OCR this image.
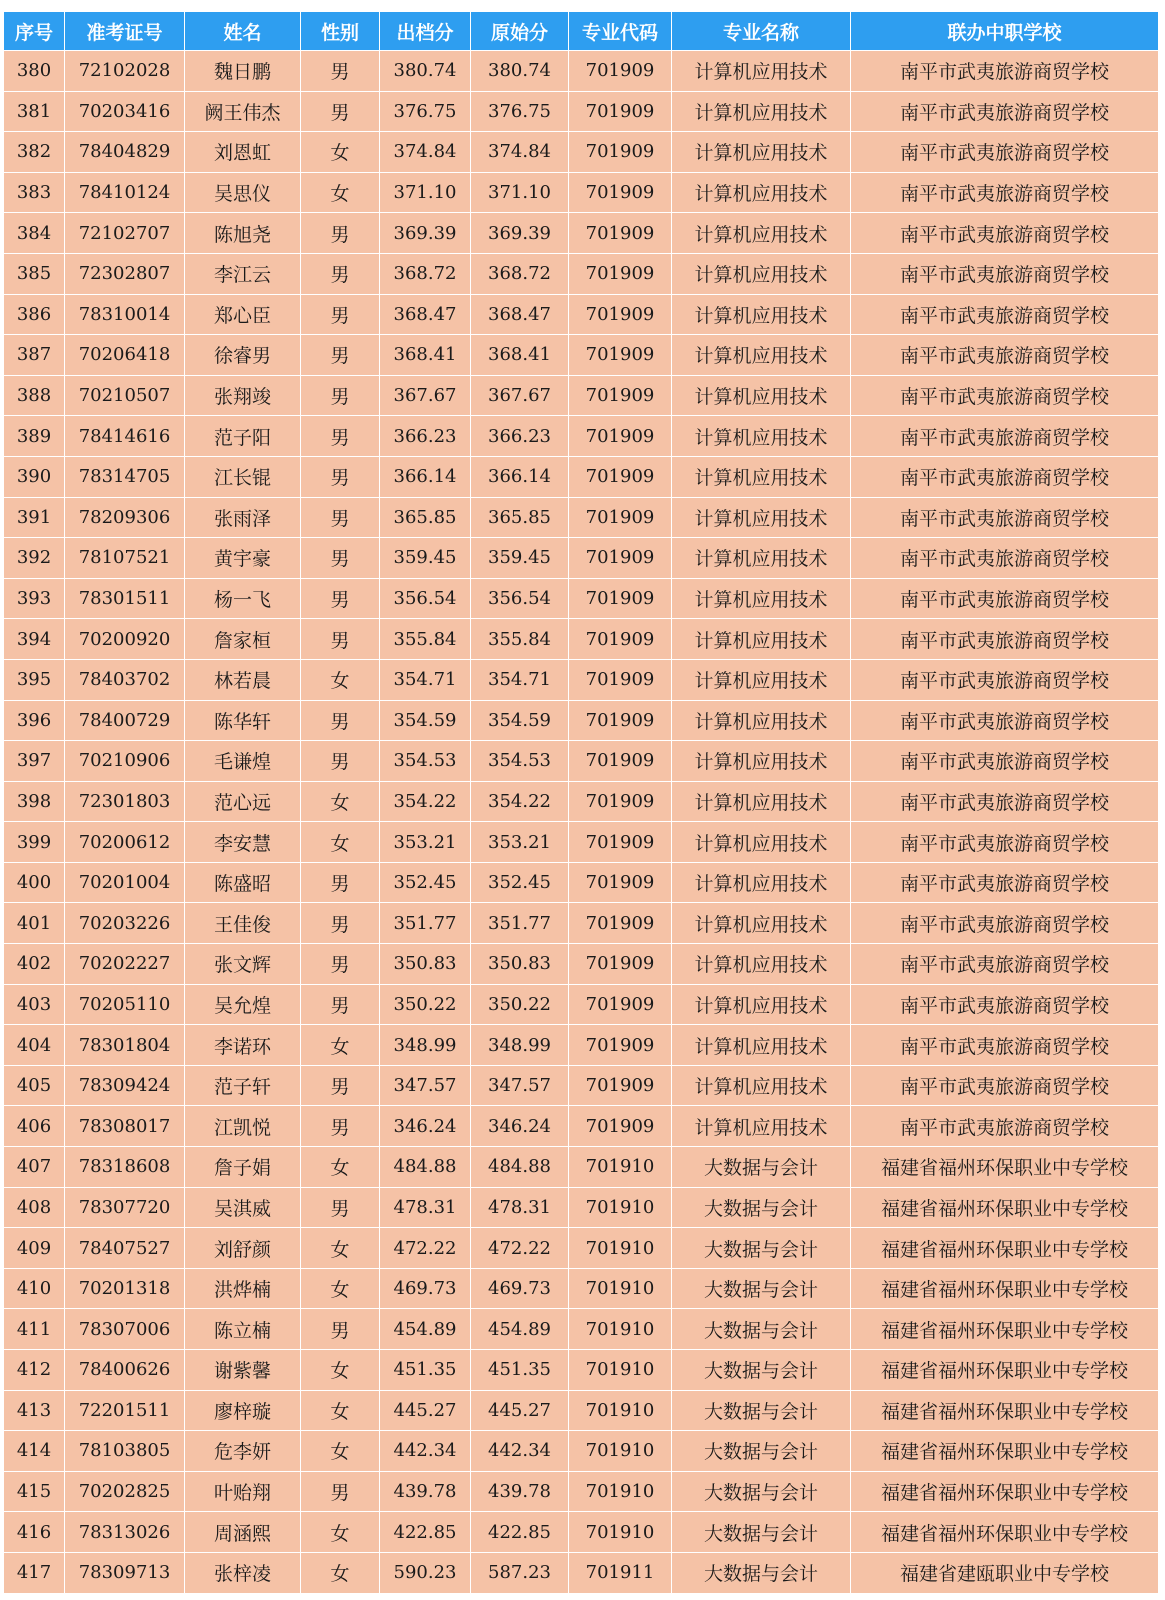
序号	准考证号	姓名	性别	出档分	原始分	专业代码	专业名称	联办中职学校
380	72102028	魏日鹏	男	380.74	380.74	701909	计算机应用技术	南平市武夷旅游商贸学校
381	70203416	阙王伟杰	男	376.75	376.75	701909	计算机应用技术	南平市武夷旅游商贸学校
382	78404829	刘恩虹	女	374.84	374.84	701909	计算机应用技术	南平市武夷旅游商贸学校
383	78410124	吴思仪	女	371.10	371.10	701909	计算机应用技术	南平市武夷旅游商贸学校
384	72102707	陈旭尧	男	369.39	369.39	701909	计算机应用技术	南平市武夷旅游商贸学校
385	72302807	李江云	男	368.72	368.72	701909	计算机应用技术	南平市武夷旅游商贸学校
386	78310014	郑心臣	男	368.47	368.47	701909	计算机应用技术	南平市武夷旅游商贸学校
387	70206418	徐睿男	男	368.41	368.41	701909	计算机应用技术	南平市武夷旅游商贸学校
388	70210507	张翔竣	男	367.67	367.67	701909	计算机应用技术	南平市武夷旅游商贸学校
389	78414616	范子阳	男	366.23	366.23	701909	计算机应用技术	南平市武夷旅游商贸学校
390	78314705	江长锟	男	366.14	366.14	701909	计算机应用技术	南平市武夷旅游商贸学校
391	78209306	张雨泽	男	365.85	365.85	701909	计算机应用技术	南平市武夷旅游商贸学校
392	78107521	黄宇豪	男	359.45	359.45	701909	计算机应用技术	南平市武夷旅游商贸学校
393	78301511	杨一飞	男	356.54	356.54	701909	计算机应用技术	南平市武夷旅游商贸学校
394	70200920	詹家桓	男	355.84	355.84	701909	计算机应用技术	南平市武夷旅游商贸学校
395	78403702	林若晨	女	354.71	354.71	701909	计算机应用技术	南平市武夷旅游商贸学校
396	78400729	陈华轩	男	354.59	354.59	701909	计算机应用技术	南平市武夷旅游商贸学校
397	70210906	毛谦煌	男	354.53	354.53	701909	计算机应用技术	南平市武夷旅游商贸学校
398	72301803	范心远	女	354.22	354.22	701909	计算机应用技术	南平市武夷旅游商贸学校
399	70200612	李安慧	女	353.21	353.21	701909	计算机应用技术	南平市武夷旅游商贸学校
400	70201004	陈盛昭	男	352.45	352.45	701909	计算机应用技术	南平市武夷旅游商贸学校
401	70203226	王佳俊	男	351.77	351.77	701909	计算机应用技术	南平市武夷旅游商贸学校
402	70202227	张文辉	男	350.83	350.83	701909	计算机应用技术	南平市武夷旅游商贸学校
403	70205110	吴允煌	男	350.22	350.22	701909	计算机应用技术	南平市武夷旅游商贸学校
404	78301804	李诺环	女	348.99	348.99	701909	计算机应用技术	南平市武夷旅游商贸学校
405	78309424	范子轩	男	347.57	347.57	701909	计算机应用技术	南平市武夷旅游商贸学校
406	78308017	江凯悦	男	346.24	346.24	701909	计算机应用技术	南平市武夷旅游商贸学校
407	78318608	詹子娟	女	484.88	484.88	701910	大数据与会计	福建省福州环保职业中专学校
408	78307720	吴淇威	男	478.31	478.31	701910	大数据与会计	福建省福州环保职业中专学校
409	78407527	刘舒颜	女	472.22	472.22	701910	大数据与会计	福建省福州环保职业中专学校
410	70201318	洪烨楠	女	469.73	469.73	701910	大数据与会计	福建省福州环保职业中专学校
411	78307006	陈立楠	男	454.89	454.89	701910	大数据与会计	福建省福州环保职业中专学校
412	78400626	谢紫馨	女	451.35	451.35	701910	大数据与会计	福建省福州环保职业中专学校
413	72201511	廖梓璇	女	445.27	445.27	701910	大数据与会计	福建省福州环保职业中专学校
414	78103805	危李妍	女	442.34	442.34	701910	大数据与会计	福建省福州环保职业中专学校
415	70202825	叶贻翔	男	439.78	439.78	701910	大数据与会计	福建省福州环保职业中专学校
416	78313026	周涵熙	女	422.85	422.85	701910	大数据与会计	福建省福州环保职业中专学校
417	78309713	张梓凌	女	590.23	587.23	701911	大数据与会计	福建省建瓯职业中专学校
